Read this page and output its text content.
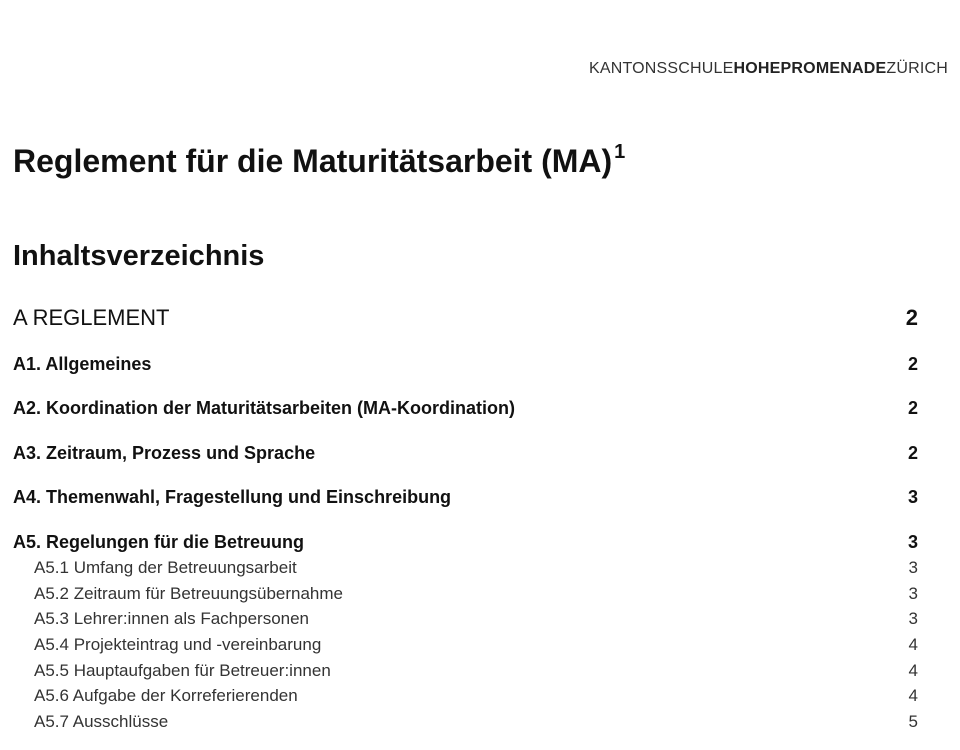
KANTONSSCHULEHOHEPROMENADEZÜRICH
Reglement für die Maturitätsarbeit (MA) $^1$
Inhaltsverzeichnis
A REGLEMENT	2
A1. Allgemeines	2
A2. Koordination der Maturitätsarbeiten (MA-Koordination)	2
A3. Zeitraum, Prozess und Sprache	2
A4. Themenwahl, Fragestellung und Einschreibung	3
A5. Regelungen für die Betreuung	3
A5.1 Umfang der Betreuungsarbeit	3
A5.2 Zeitraum für Betreuungsübernahme	3
A5.3 Lehrer:innen als Fachpersonen	3
A5.4 Projekteintrag und -vereinbarung	4
A5.5 Hauptaufgaben für Betreuer:innen	4
A5.6 Aufgabe der Korreferierenden	4
A5.7 Ausschlüsse	5
